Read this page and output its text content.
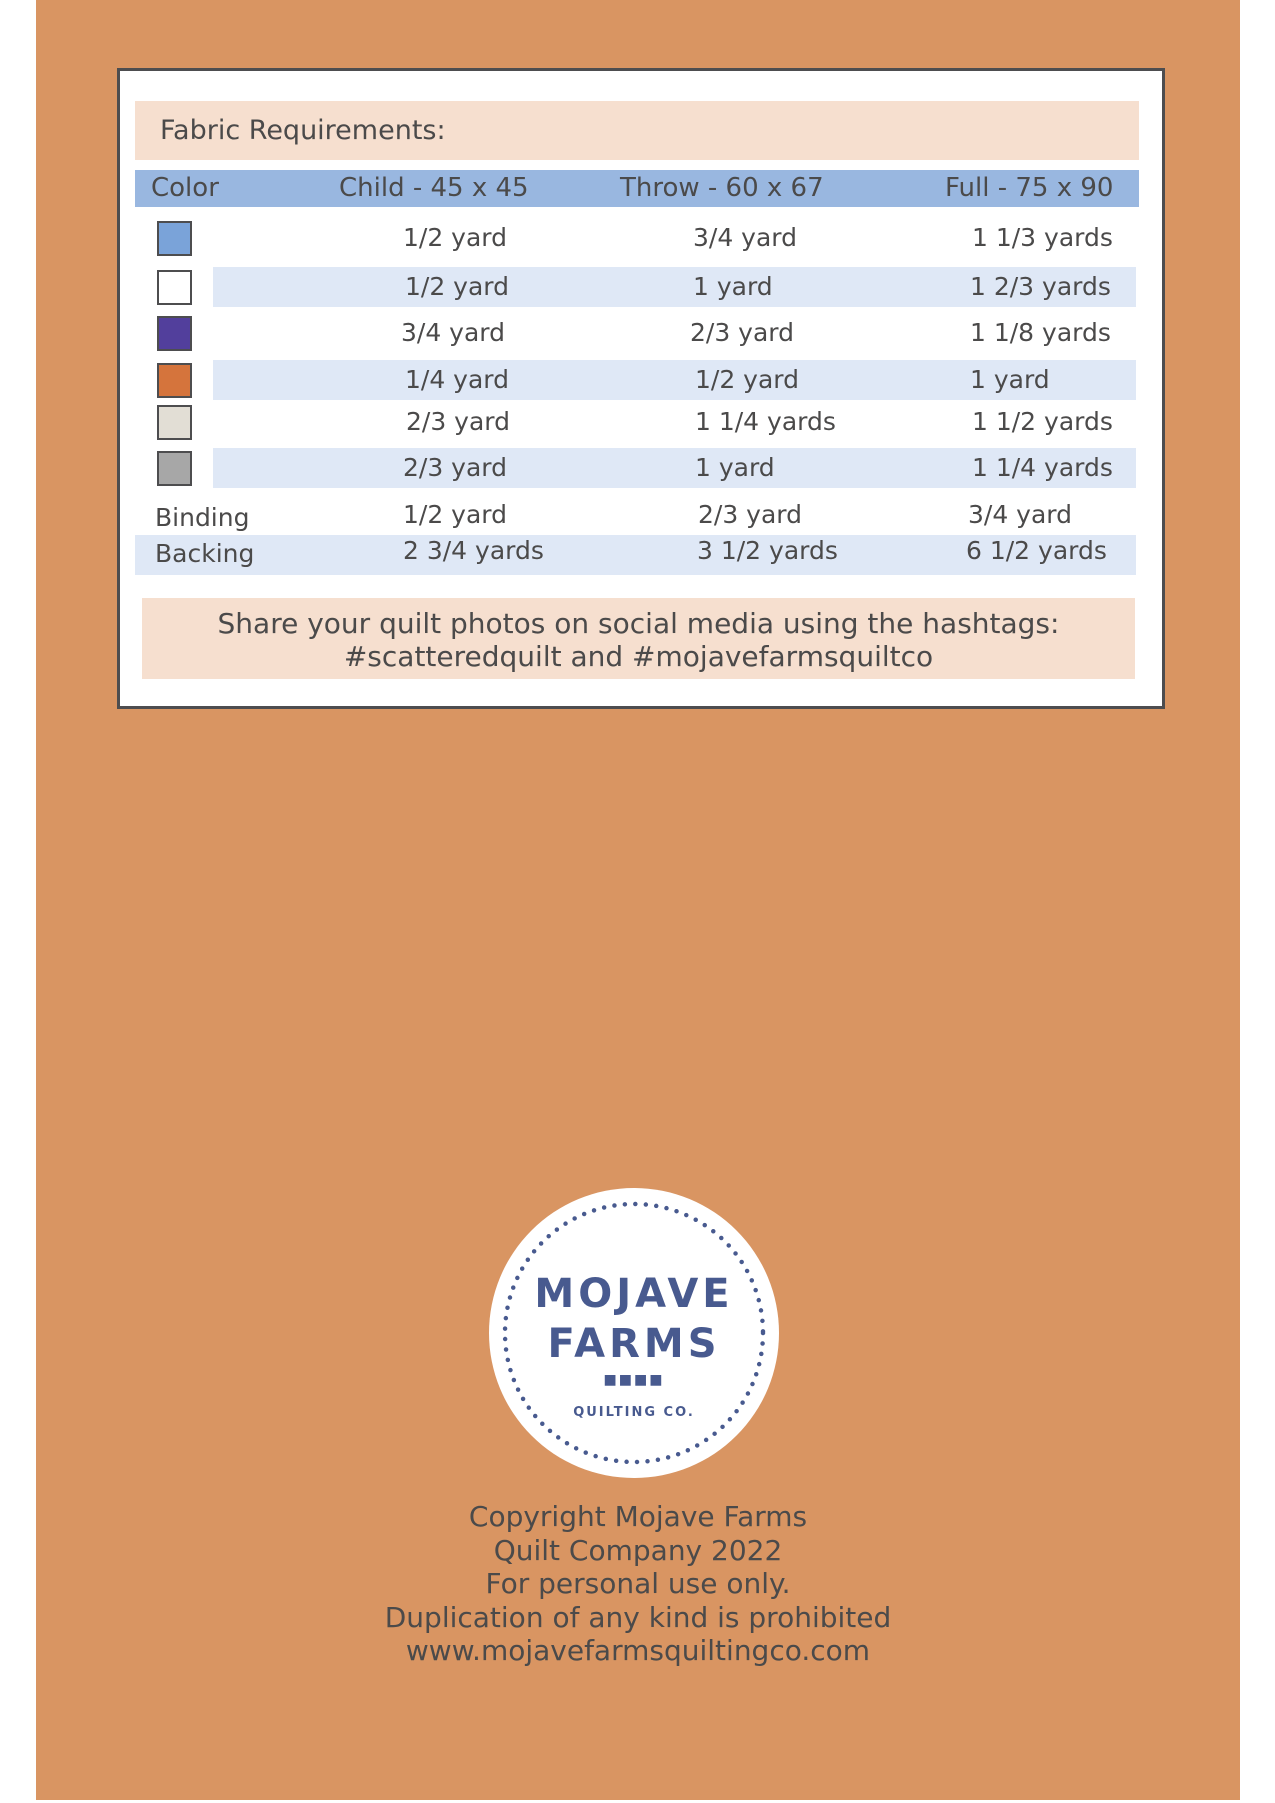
Fabric Requirements:
Color	Child - 45 x 45	Throw - 60 x 67	Full - 75 x 90
1/2 yard	3/4 yard	1 1/3 yards
1/2 yard	1 yard	1 2/3 yards
3/4 yard	2/3 yard	1 1/8 yards
1/4 yard	1/2 yard	1 yard
2/3 yard	1 1/4 yards	1 1/2 yards
2/3 yard	1 yard	1 1/4 yards
Binding	1/2 yard	2/3 yard	3/4 yard
Backing	2 3/4 yards	3 1/2 yards	6 1/2 yards
Share your quilt photos on social media using the hashtags:
#scatteredquilt and #mojavefarmsquiltco
MOJAVE
FARMS
■■■■
QUILTING CO.
Copyright Mojave Farms
Quilt Company 2022
For personal use only.
Duplication of any kind is prohibited
www.mojavefarmsquiltingco.com
